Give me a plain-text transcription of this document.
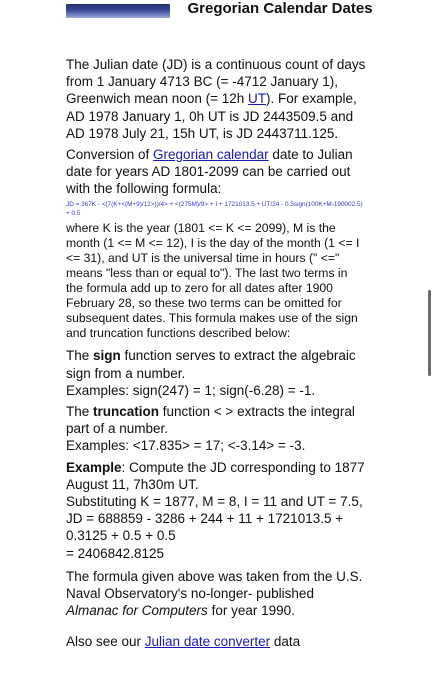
Gregorian Calendar Dates

The Julian date (JD) is a continuous count of days from 1 January 4713 BC (= -4712 January 1), Greenwich mean noon (= 12h UT). For example, AD 1978 January 1, 0h UT is JD 2443509.5 and AD 1978 July 21, 15h UT, is JD 2443711.125.

Conversion of Gregorian calendar date to Julian date for years AD 1801-2099 can be carried out with the following formula:

JD = 367K - <(7(K+<(M+9)/12>))/4> + <(275M)/9> + I + 1721013.5 + UT/24 - 0.5sign(100K+M-190002.5) + 0.5

where K is the year (1801 <= K <= 2099), M is the month (1 <= M <= 12), I is the day of the month (1 <= I <= 31), and UT is the universal time in hours (" <=" means "less than or equal to"). The last two terms in the formula add up to zero for all dates after 1900 February 28, so these two terms can be omitted for subsequent dates. This formula makes use of the sign and truncation functions described below:

The sign function serves to extract the algebraic sign from a number.
Examples: sign(247) = 1; sign(-6.28) = -1.

The truncation function < > extracts the integral part of a number.
Examples: <17.835> = 17; <-3.14> = -3.

Example: Compute the JD corresponding to 1877 August 11, 7h30m UT.
Substituting K = 1877, M = 8, I = 11 and UT = 7.5,
JD = 688859 - 3286 + 244 + 11 + 1721013.5 + 0.3125 + 0.5 + 0.5
= 2406842.8125

The formula given above was taken from the U.S. Naval Observatory's no-longer- published Almanac for Computers for year 1990.

Also see our Julian date converter data
